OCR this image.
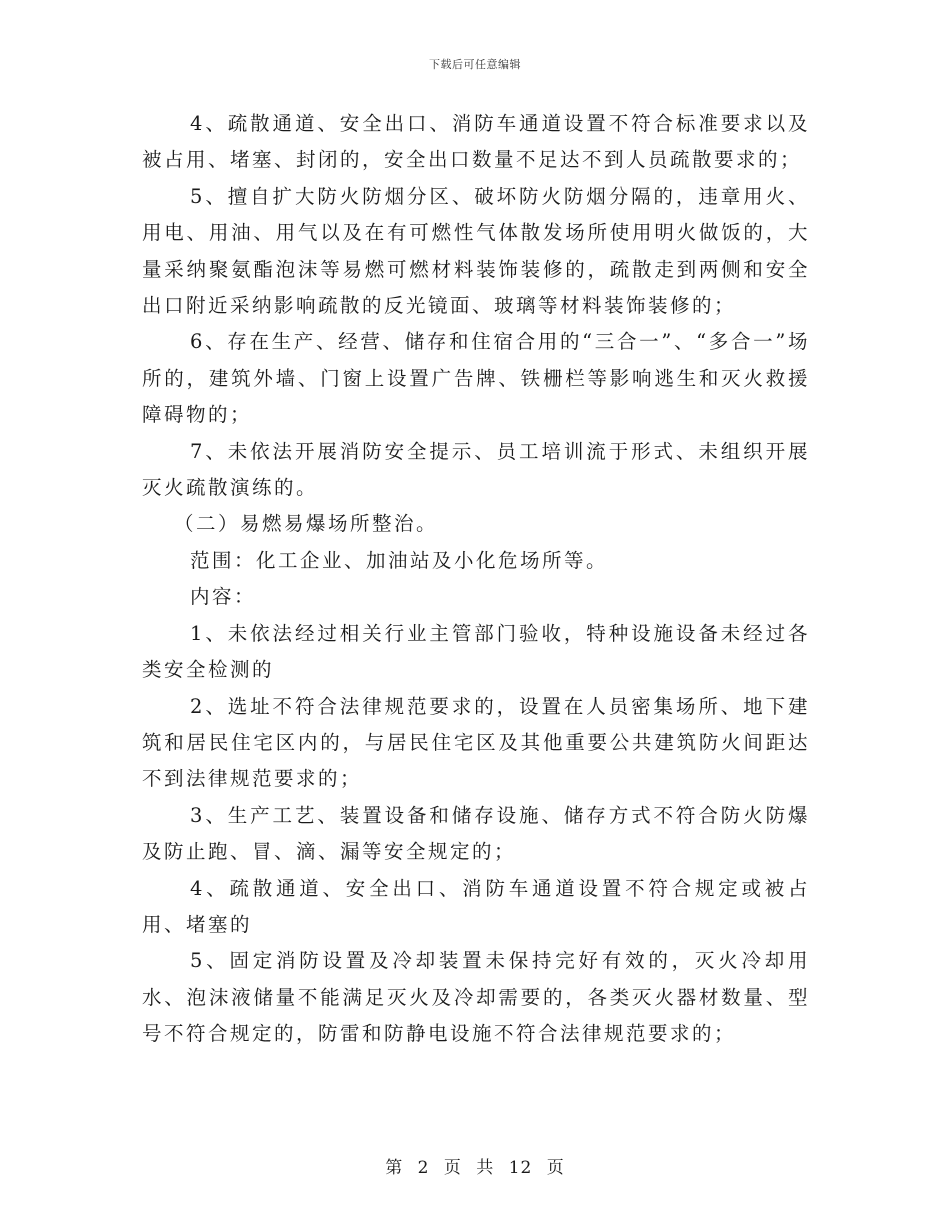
下载后可任意编辑

4、疏散通道、安全出口、消防车通道设置不符合标准要求以及被占用、堵塞、封闭的，安全出口数量不足达不到人员疏散要求的；

5、擅自扩大防火防烟分区、破坏防火防烟分隔的，违章用火、用电、用油、用气以及在有可燃性气体散发场所使用明火做饭的，大量采纳聚氨酯泡沫等易燃可燃材料装饰装修的，疏散走到两侧和安全出口附近采纳影响疏散的反光镜面、玻璃等材料装饰装修的；

6、存在生产、经营、储存和住宿合用的“三合一”、“多合一”场所的，建筑外墙、门窗上设置广告牌、铁栅栏等影响逃生和灭火救援障碍物的；

7、未依法开展消防安全提示、员工培训流于形式、未组织开展灭火疏散演练的。

（二）易燃易爆场所整治。

范围：化工企业、加油站及小化危场所等。

内容：

1、未依法经过相关行业主管部门验收，特种设施设备未经过各类安全检测的

2、选址不符合法律规范要求的，设置在人员密集场所、地下建筑和居民住宅区内的，与居民住宅区及其他重要公共建筑防火间距达不到法律规范要求的；

3、生产工艺、装置设备和储存设施、储存方式不符合防火防爆及防止跑、冒、滴、漏等安全规定的；

4、疏散通道、安全出口、消防车通道设置不符合规定或被占用、堵塞的

5、固定消防设置及冷却装置未保持完好有效的，灭火冷却用水、泡沫液储量不能满足灭火及冷却需要的，各类灭火器材数量、型号不符合规定的，防雷和防静电设施不符合法律规范要求的；

第 2 页 共 12 页
